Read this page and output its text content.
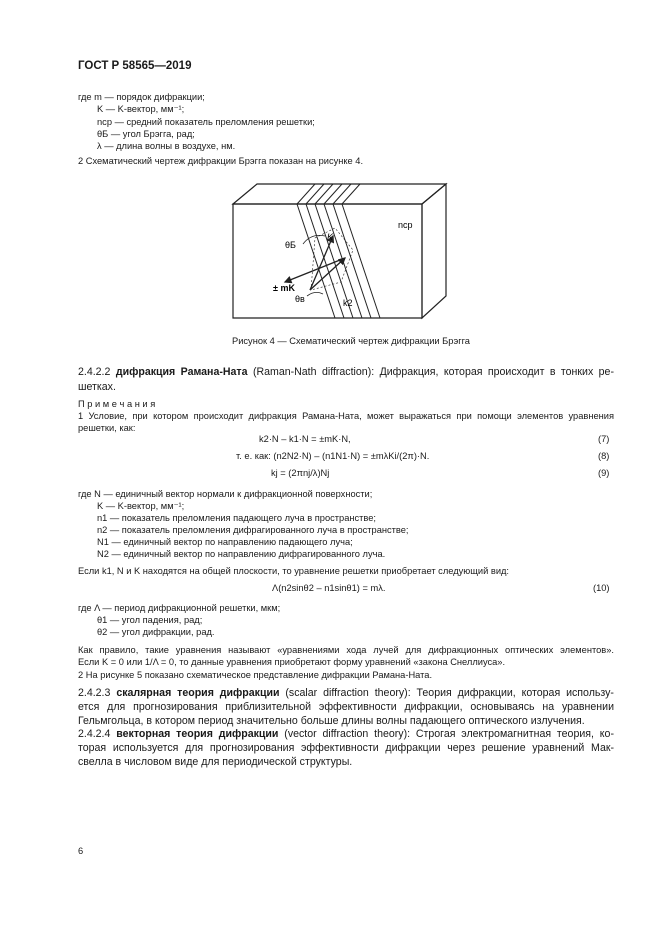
ГОСТ Р 58565—2019
где m — порядок дифракции;
K — K-вектор, мм⁻¹;
nср — средний показатель преломления решетки;
θБ — угол Брэгга, рад;
λ — длина волны в воздухе, нм.
2 Схематический чертеж дифракции Брэгга показан на рисунке 4.
nср
θБ
K
± mK
θв	k2
Рисунок 4 — Схематический чертеж дифракции Брэгга
2.4.2.2 дифракция Рамана-Ната (Raman-Nath diffraction): Дифракция, которая происходит в тонких ре-
шетках.
П р и м е ч а н и я
1 Условие, при котором происходит дифракция Рамана-Ната, может выражаться при помощи элементов уравнения
решетки, как:
k2·N – k1·N = ±mK·N,	(7)
т. е. как: (n2N2·N) – (n1N1·N) = ±mλKi/(2π)·N.	(8)
kj = (2πnj/λ)Nj	(9)
где N — единичный вектор нормали к дифракционной поверхности;
K — K-вектор, мм⁻¹;
n1 — показатель преломления падающего луча в пространстве;
n2 — показатель преломления дифрагированного луча в пространстве;
N1 — единичный вектор по направлению падающего луча;
N2 — единичный вектор по направлению дифрагированного луча.
Если k1, N и K находятся на общей плоскости, то уравнение решетки приобретает следующий вид:
Λ(n2sinθ2 – n1sinθ1) = mλ.	(10)
где Λ — период дифракционной решетки, мкм;
θ1 — угол падения, рад;
θ2 — угол дифракции, рад.
Как правило, такие уравнения называют «уравнениями хода лучей для дифракционных оптических элементов».
Если K = 0 или 1/Λ = 0, то данные уравнения приобретают форму уравнений «закона Снеллиуса».
2 На рисунке 5 показано схематическое представление дифракции Рамана-Ната.
2.4.2.3 скалярная теория дифракции (scalar diffraction theory): Теория дифракции, которая использу-
ется для прогнозирования приблизительной эффективности дифракции, основываясь на уравнении
Гельмгольца, в котором период значительно больше длины волны падающего оптического излучения.
2.4.2.4 векторная теория дифракции (vector diffraction theory): Строгая электромагнитная теория, ко-
торая используется для прогнозирования эффективности дифракции через решение уравнений Мак-
свелла в числовом виде для периодической структуры.
6
